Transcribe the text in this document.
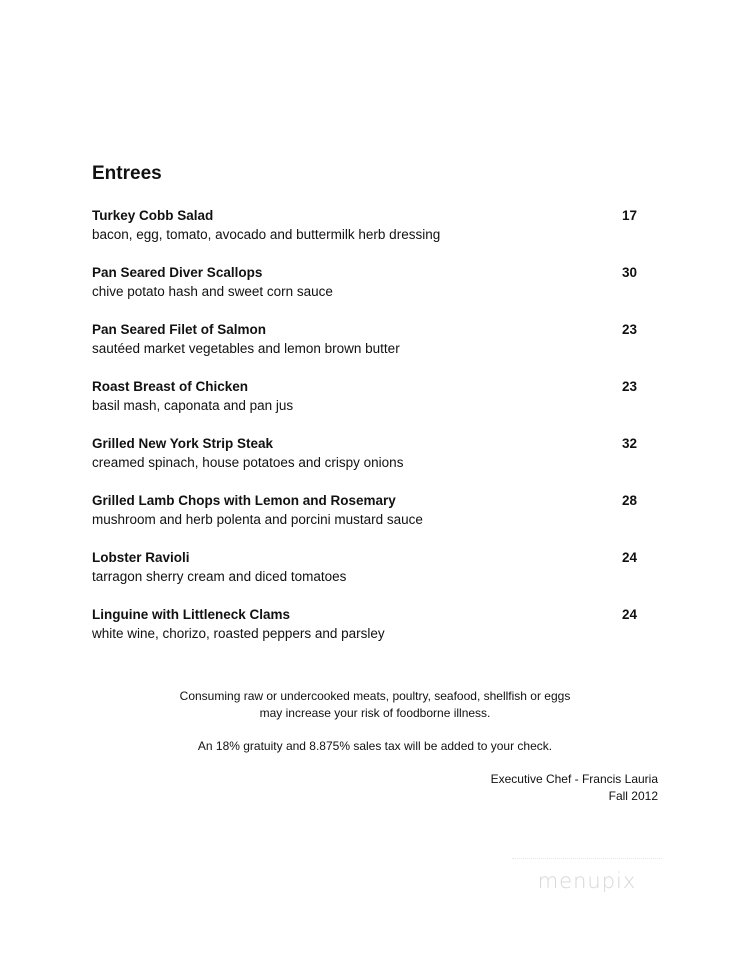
Entrees
Turkey Cobb Salad
bacon, egg, tomato, avocado and buttermilk herb dressing
17
Pan Seared Diver Scallops
chive potato hash and sweet corn sauce
30
Pan Seared Filet of Salmon
sautéed market vegetables and lemon brown butter
23
Roast Breast of Chicken
basil mash, caponata and pan jus
23
Grilled New York Strip Steak
creamed spinach, house potatoes and crispy onions
32
Grilled Lamb Chops with Lemon and Rosemary
mushroom and herb polenta and porcini mustard sauce
28
Lobster Ravioli
tarragon sherry cream and diced tomatoes
24
Linguine with Littleneck Clams
white wine, chorizo, roasted peppers and parsley
24

Consuming raw or undercooked meats, poultry, seafood, shellfish or eggs
may increase your risk of foodborne illness.

An 18% gratuity and 8.875% sales tax will be added to your check.

Executive Chef - Francis Lauria
Fall 2012
menupix
